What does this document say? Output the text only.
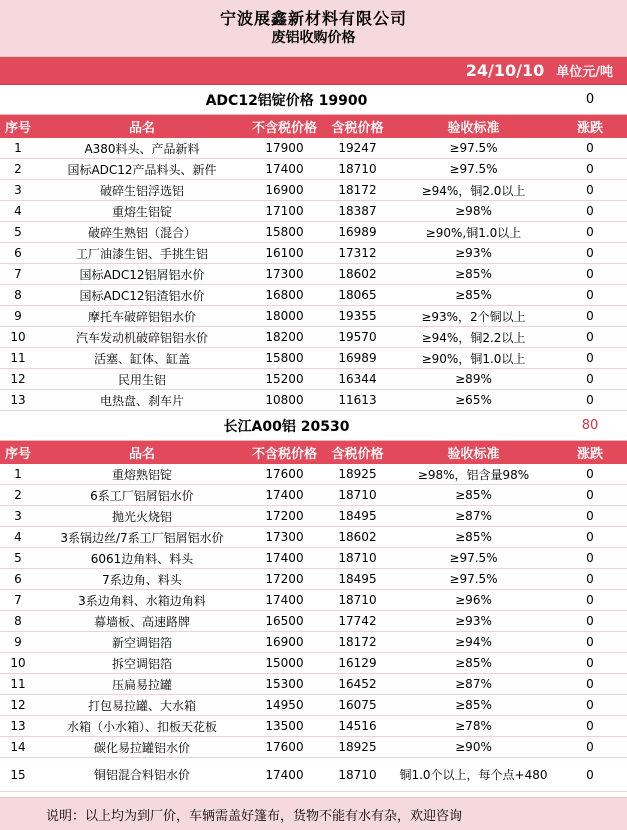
宁波展鑫新材料有限公司
废铝收购价格
24/10/10 单位元/吨
ADC12铝锭价格 19900	0
序号	品名	不含税价格	含税价格	验收标准	涨跌
1	A380料头、产品新料	17900	19247	≥97.5%	0
2	国标ADC12产品料头、新件	17400	18710	≥97.5%	0
3	破碎生铝浮选铝	16900	18172	≥94%，铜2.0以上	0
4	重熔生铝锭	17100	18387	≥98%	0
5	破碎生熟铝（混合）	15800	16989	≥90%,铜1.0以上	0
6	工厂油漆生铝、手挑生铝	16100	17312	≥93%	0
7	国标ADC12铝屑铝水价	17300	18602	≥85%	0
8	国标ADC12铝渣铝水价	16800	18065	≥85%	0
9	摩托车破碎铝铝水价	18000	19355	≥93%，2个铜以上	0
10	汽车发动机破碎铝铝水价	18200	19570	≥94%，铜2.2以上	0
11	活塞、缸体、缸盖	15800	16989	≥90%，铜1.0以上	0
12	民用生铝	15200	16344	≥89%	0
13	电热盘、刹车片	10800	11613	≥65%	0
长江A00铝 20530	80
序号	品名	不含税价格	含税价格	验收标准	涨跌
1	重熔熟铝锭	17600	18925	≥98%，铝含量98%	0
2	6系工厂铝屑铝水价	17400	18710	≥85%	0
3	抛光火烧铝	17200	18495	≥87%	0
4	3系锅边丝/7系工厂铝屑铝水价	17300	18602	≥85%	0
5	6061边角料、料头	17400	18710	≥97.5%	0
6	7系边角、料头	17200	18495	≥97.5%	0
7	3系边角料、水箱边角料	17400	18710	≥96%	0
8	幕墙板、高速路牌	16500	17742	≥93%	0
9	新空调铝箔	16900	18172	≥94%	0
10	拆空调铝箔	15000	16129	≥85%	0
11	压扁易拉罐	15300	16452	≥87%	0
12	打包易拉罐、大水箱	14950	16075	≥85%	0
13	水箱（小水箱）、扣板天花板	13500	14516	≥78%	0
14	碳化易拉罐铝水价	17600	18925	≥90%	0
15	铜铝混合料铝水价	17400	18710	铜1.0个以上，每个点+480	0
说明：以上均为到厂价，车辆需盖好篷布，货物不能有水有杂，欢迎咨询
